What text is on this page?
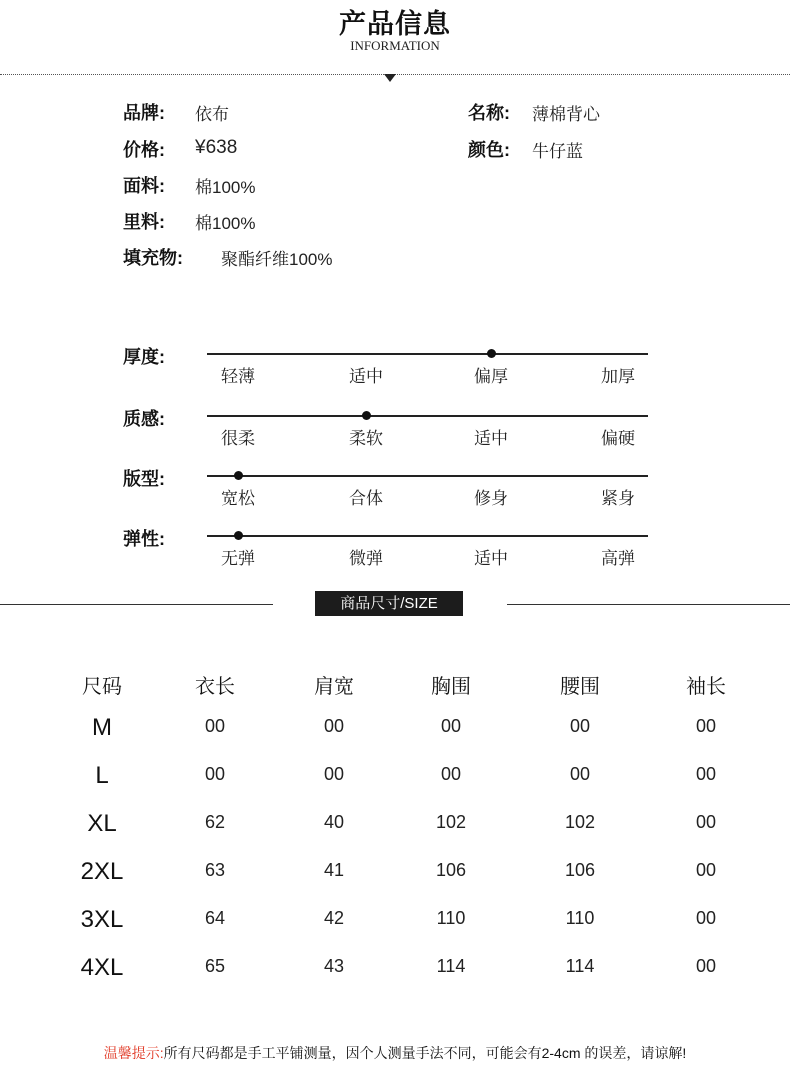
产品信息
INFORMATION
品牌: 依布	名称: 薄棉背心
价格: ¥638	颜色: 牛仔蓝
面料: 棉100%
里料: 棉100%
填充物: 聚酯纤维100%
厚度:
轻薄	适中	偏厚	加厚
质感:
很柔	柔软	适中	偏硬
版型:
宽松	合体	修身	紧身
弹性:
无弹	微弹	适中	高弹
商品尺寸/SIZE
尺码	衣长	肩宽	胸围	腰围	袖长
M	00	00	00	00	00
L	00	00	00	00	00
XL	62	40	102	102	00
2XL	63	41	106	106	00
3XL	64	42	110	110	00
4XL	65	43	114	114	00
温馨提示:所有尺码都是手工平铺测量，因个人测量手法不同，可能会有2-4cm 的误差，请谅解!
